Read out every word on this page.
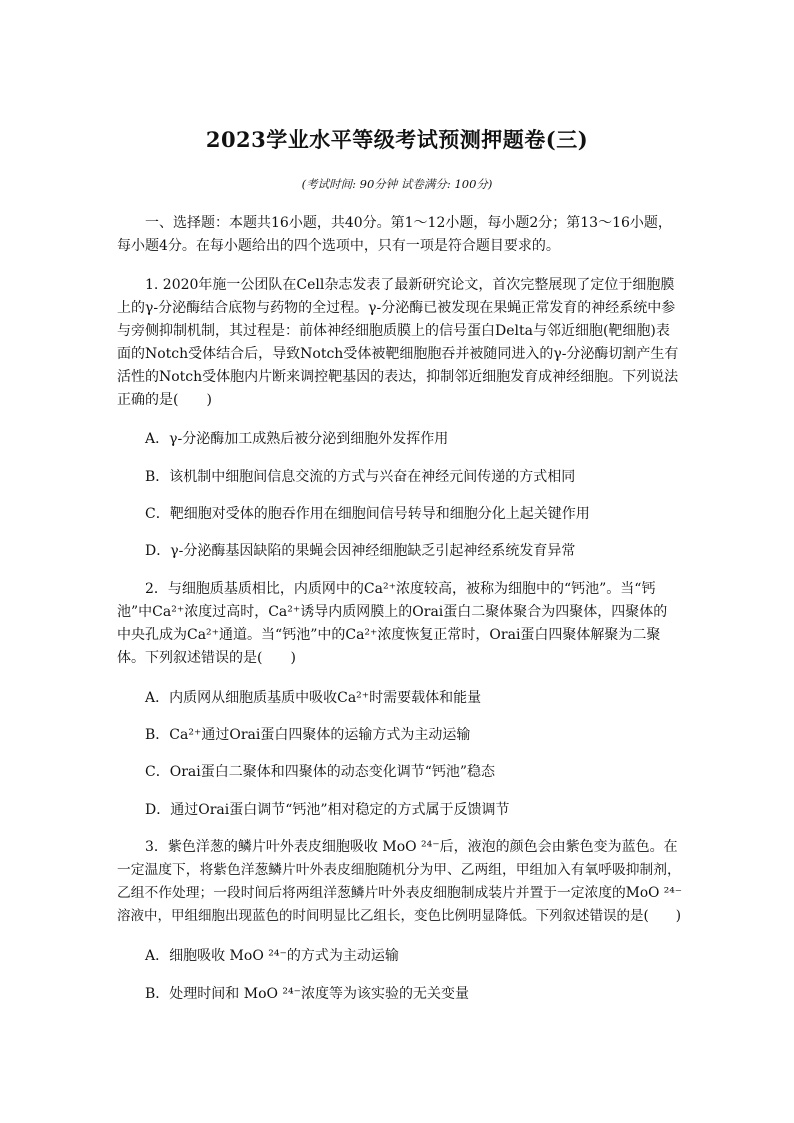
2023学业水平等级考试预测押题卷(三)
(考试时间: 90分钟 试卷满分: 100分)
一、选择题：本题共16小题，共40分。第1～12小题，每小题2分；第13～16小题，
每小题4分。在每小题给出的四个选项中，只有一项是符合题目要求的。
1. 2020年施一公团队在Cell杂志发表了最新研究论文，首次完整展现了定位于细胞膜
上的γ-分泌酶结合底物与药物的全过程。γ-分泌酶已被发现在果蝇正常发育的神经系统中参
与旁侧抑制机制，其过程是：前体神经细胞质膜上的信号蛋白Delta与邻近细胞(靶细胞)表
面的Notch受体结合后，导致Notch受体被靶细胞胞吞并被随同进入的γ-分泌酶切割产生有
活性的Notch受体胞内片断来调控靶基因的表达，抑制邻近细胞发育成神经细胞。下列说法
正确的是(　　)
A．γ-分泌酶加工成熟后被分泌到细胞外发挥作用
B．该机制中细胞间信息交流的方式与兴奋在神经元间传递的方式相同
C．靶细胞对受体的胞吞作用在细胞间信号转导和细胞分化上起关键作用
D．γ-分泌酶基因缺陷的果蝇会因神经细胞缺乏引起神经系统发育异常
2．与细胞质基质相比，内质网中的Ca²⁺浓度较高，被称为细胞中的“钙池”。当“钙
池”中Ca²⁺浓度过高时，Ca²⁺诱导内质网膜上的Orai蛋白二聚体聚合为四聚体，四聚体的
中央孔成为Ca²⁺通道。当“钙池”中的Ca²⁺浓度恢复正常时，Orai蛋白四聚体解聚为二聚
体。下列叙述错误的是(　　)
A．内质网从细胞质基质中吸收Ca²⁺时需要载体和能量
B．Ca²⁺通过Orai蛋白四聚体的运输方式为主动运输
C．Orai蛋白二聚体和四聚体的动态变化调节“钙池”稳态
D．通过Orai蛋白调节“钙池”相对稳定的方式属于反馈调节
3．紫色洋葱的鳞片叶外表皮细胞吸收 MoO ²⁴⁻后，液泡的颜色会由紫色变为蓝色。在
一定温度下，将紫色洋葱鳞片叶外表皮细胞随机分为甲、乙两组，甲组加入有氧呼吸抑制剂，
乙组不作处理；一段时间后将两组洋葱鳞片叶外表皮细胞制成装片并置于一定浓度的MoO ²⁴⁻
溶液中，甲组细胞出现蓝色的时间明显比乙组长，变色比例明显降低。下列叙述错误的是(　　)
A．细胞吸收 MoO ²⁴⁻的方式为主动运输
B．处理时间和 MoO ²⁴⁻浓度等为该实验的无关变量
